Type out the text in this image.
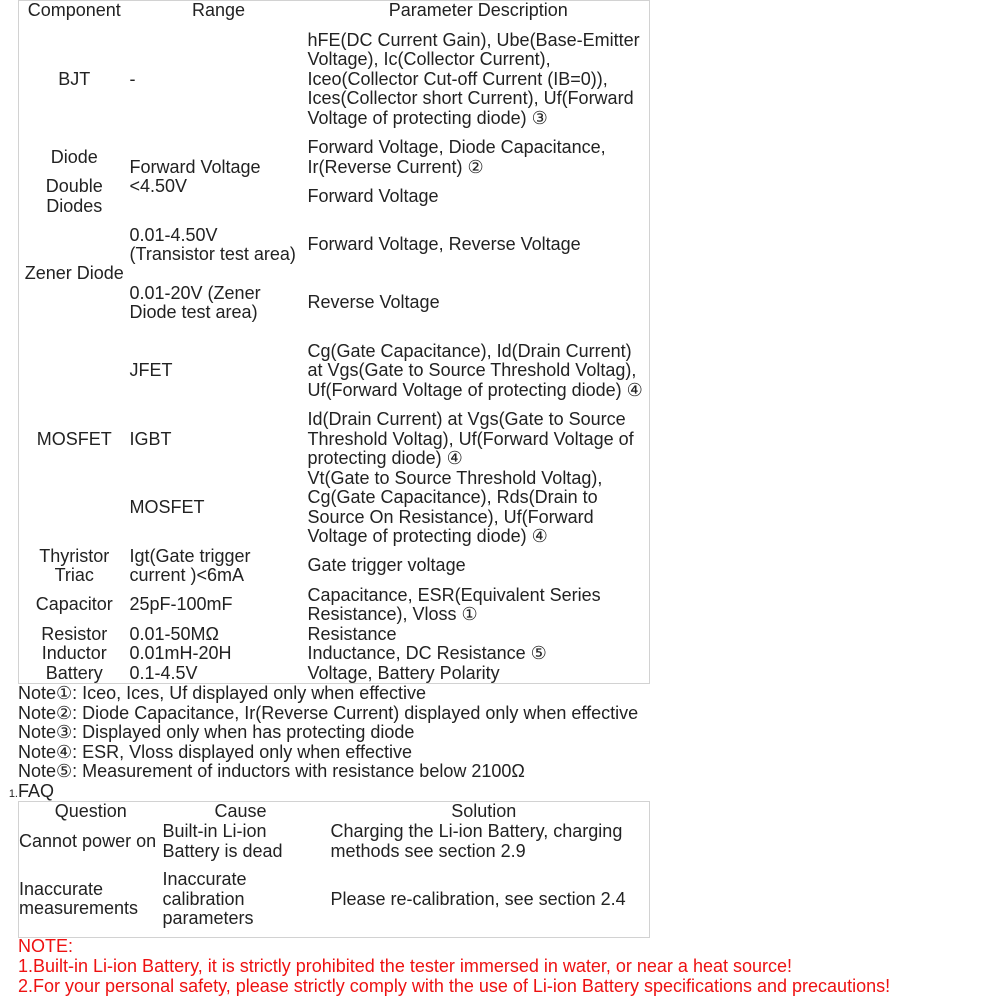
Component	Range	Parameter Description
BJT	-	hFE(DC Current Gain), Ube(Base-Emitter Voltage), Ic(Collector Current), Iceo(Collector Cut-off Current (IB=0)), Ices(Collector short Current), Uf(Forward Voltage of protecting diode) ③
Diode	Forward Voltage <4.50V	Forward Voltage, Diode Capacitance, Ir(Reverse Current) ②
Double Diodes		Forward Voltage
Zener Diode	0.01-4.50V (Transistor test area)	Forward Voltage, Reverse Voltage
	0.01-20V (Zener Diode test area)	Reverse Voltage
MOSFET	JFET	Cg(Gate Capacitance), Id(Drain Current) at Vgs(Gate to Source Threshold Voltag), Uf(Forward Voltage of protecting diode) ④
	IGBT	Id(Drain Current) at Vgs(Gate to Source Threshold Voltag), Uf(Forward Voltage of protecting diode) ④
	MOSFET	Vt(Gate to Source Threshold Voltag), Cg(Gate Capacitance), Rds(Drain to Source On Resistance), Uf(Forward Voltage of protecting diode) ④
Thyristor Triac	Igt(Gate trigger current )<6mA	Gate trigger voltage
Capacitor	25pF-100mF	Capacitance, ESR(Equivalent Series Resistance), Vloss ①
Resistor	0.01-50MΩ	Resistance
Inductor	0.01mH-20H	Inductance, DC Resistance ⑤
Battery	0.1-4.5V	Voltage, Battery Polarity
Note①: Iceo, Ices, Uf displayed only when effective
Note②: Diode Capacitance, Ir(Reverse Current) displayed only when effective
Note③: Displayed only when has protecting diode
Note④: ESR, Vloss displayed only when effective
Note⑤: Measurement of inductors with resistance below 2100Ω
1.FAQ
Question	Cause	Solution
Cannot power on	Built-in Li-ion Battery is dead	Charging the Li-ion Battery, charging methods see section 2.9
Inaccurate measurements	Inaccurate calibration parameters	Please re-calibration, see section 2.4
NOTE:
1.Built-in Li-ion Battery, it is strictly prohibited the tester immersed in water, or near a heat source!
2.For your personal safety, please strictly comply with the use of Li-ion Battery specifications and precautions!
